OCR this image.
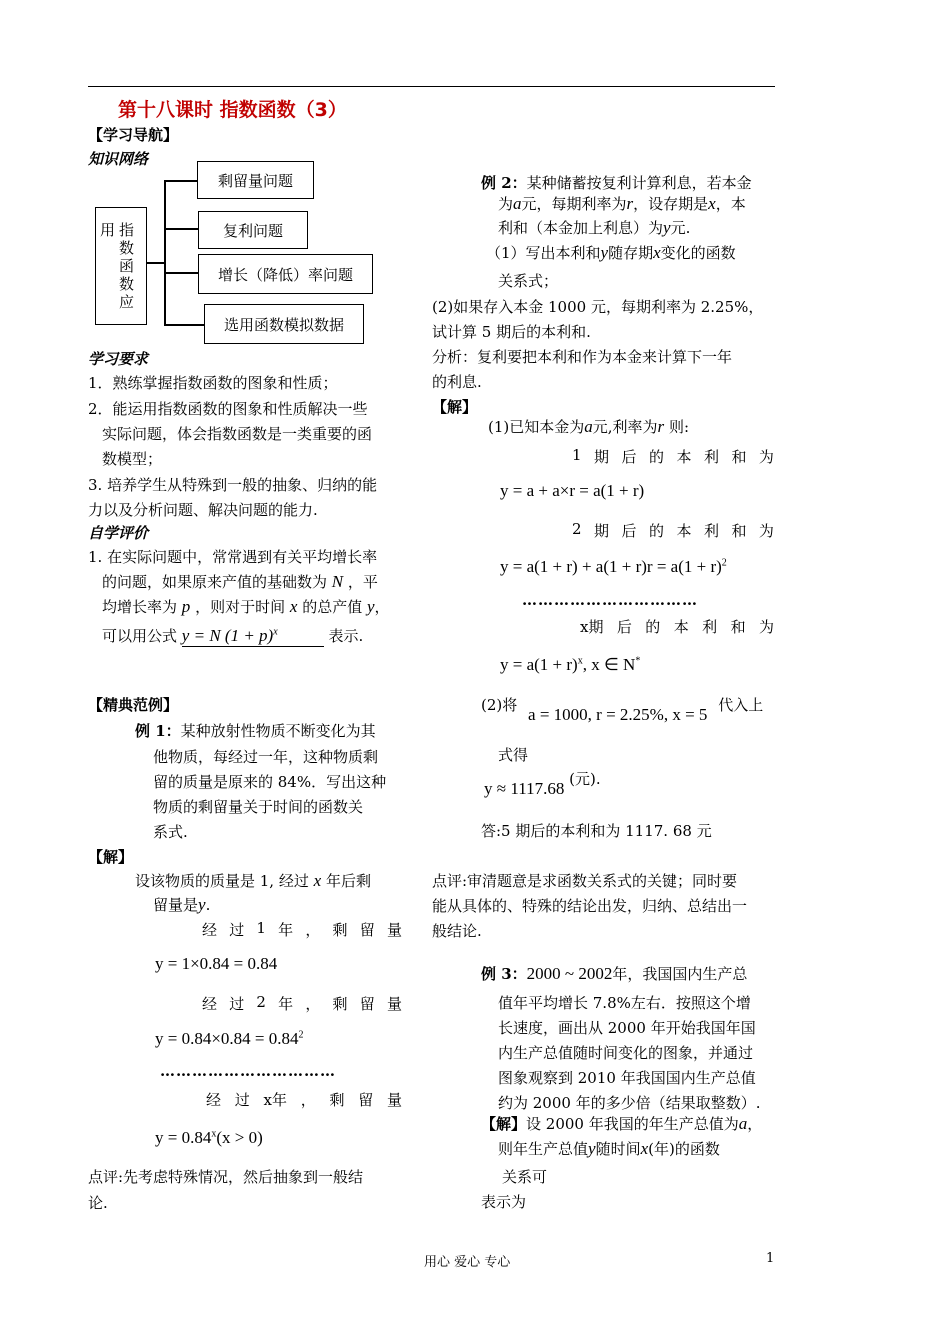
第十八课时 指数函数（3）
【学习导航】
知识网络
用 指
数
函
数
应
剩留量问题
复利问题
增长（降低）率问题
选用函数模拟数据
学习要求
1．熟练掌握指数函数的图象和性质；
2．能运用指数函数的图象和性质解决一些
实际问题，体会指数函数是一类重要的函
数模型；
3. 培养学生从特殊到一般的抽象、归纳的能
力以及分析问题、解决问题的能力.
自学评价
1. 在实际问题中，常常遇到有关平均增长率
的问题，如果原来产值的基础数为 N ，平
均增长率为 p ，则对于时间 x 的总产值 y，
可以用公式 y = N $(1 + p)^x$	表示.
【精典范例】
例 1：某种放射性物质不断变化为其
他物质，每经过一年，这种物质剩
留的质量是原来的 84%．写出这种
物质的剩留量关于时间的函数关
系式.
【解】
设该物质的质量是 1, 经过 x 年后剩
留量是y.
经 过 1 年 ， 剩 留 量
y = 1×0.84 = 0.84
经 过 2 年 ， 剩 留 量
$y = 0.84\times 0.84 = 0.84^2$
……………………………
经 过 x年 ， 剩 留 量
$y = 0.84^x(x > 0)$
点评:先考虑特殊情况，然后抽象到一般结
论.
例 2：某种储蓄按复利计算利息，若本金
为a元，每期利率为r，设存期是x，本
利和（本金加上利息）为y元.
（1）写出本利和y随存期x变化的函数
关系式；
(2)如果存入本金 1000 元，每期利率为 2.25%，
试计算 5 期后的本利和.
分析：复利要把本利和作为本金来计算下一年
的利息.
【解】
(1)已知本金为a元,利率为r 则:
1 期 后 的 本 利 和 为
y = a + a×r = a(1 + r)
2 期 后 的 本 利 和 为
$y = a(1 + r) + a(1 + r)r = a(1 + r)^2$
……………………………
x期 后 的 本 利 和 为
$y = a(1 + r)^x$, x ∈ N*
(2)将 a = 1000, r = 2.25%, x = 5 代入上
式得
y ≈ 1117.68 (元).
答:5 期后的本利和为 1117. 68 元
点评:审清题意是求函数关系式的关键；同时要
能从具体的、特殊的结论出发，归纳、总结出一
般结论.
例 3：2000 ~ 2002年，我国国内生产总
值年平均增长 7.8%左右．按照这个增
长速度，画出从 2000 年开始我国年国
内生产总值随时间变化的图象，并通过
图象观察到 2010 年我国国内生产总值
约为 2000 年的多少倍（结果取整数）.
【解】设 2000 年我国的年生产总值为a，
则年生产总值y随时间x(年)的函数
关系可
表示为
用心 爱心 专心	1
